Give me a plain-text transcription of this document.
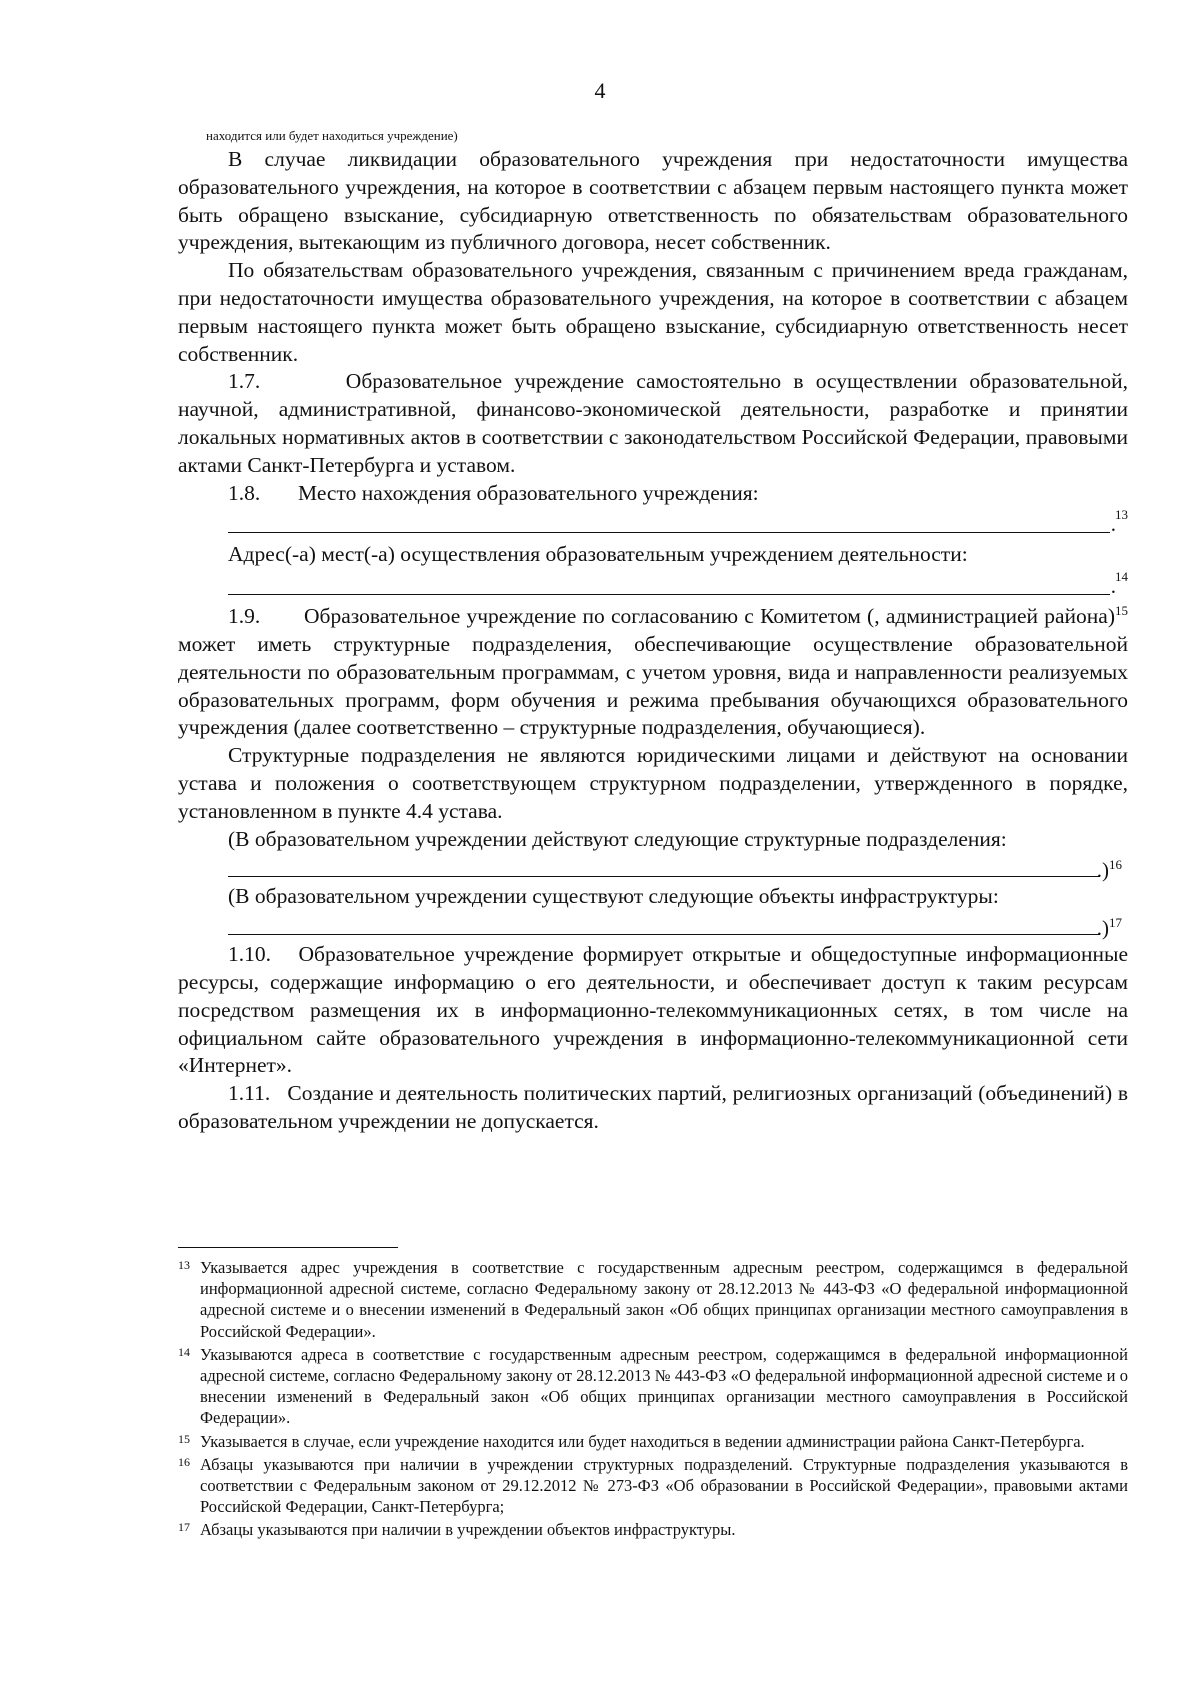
4
находится или будет находиться учреждение)

В случае ликвидации образовательного учреждения при недостаточности имущества образовательного учреждения, на которое в соответствии с абзацем первым настоящего пункта может быть обращено взыскание, субсидиарную ответственность по обязательствам образовательного учреждения, вытекающим из публичного договора, несет собственник.

По обязательствам образовательного учреждения, связанным с причинением вреда гражданам, при недостаточности имущества образовательного учреждения, на которое в соответствии с абзацем первым настоящего пункта может быть обращено взыскание, субсидиарную ответственность несет собственник.

1.7.	Образовательное учреждение самостоятельно в осуществлении образовательной, научной, административной, финансово-экономической деятельности, разработке и принятии локальных нормативных актов в соответствии с законодательством Российской Федерации, правовыми актами Санкт-Петербурга и уставом.

1.8.	Место нахождения образовательного учреждения:
. 13

Адрес(-а) мест(-а) осуществления образовательным учреждением деятельности:

. 14

1.9. Образовательное учреждение по согласованию с Комитетом (, администрацией района)$^{15}$ может иметь структурные подразделения, обеспечивающие осуществление образовательной деятельности по образовательным программам, с учетом уровня, вида и направленности реализуемых образовательных программ, форм обучения и режима пребывания обучающихся образовательного учреждения (далее соответственно – структурные подразделения, обучающиеся).

Структурные подразделения не являются юридическими лицами и действуют на основании устава и положения о соответствующем структурном подразделении, утвержденного в порядке, установленном в пункте 4.4 устава.

(В образовательном учреждении действуют следующие структурные подразделения:

.)$^{16}$

(В образовательном учреждении существуют следующие объекты инфраструктуры:

.)$^{17}$

1.10. Образовательное учреждение формирует открытые и общедоступные информационные ресурсы, содержащие информацию о его деятельности, и обеспечивает доступ к таким ресурсам посредством размещения их в информационно-телекоммуникационных сетях, в том числе на официальном сайте образовательного учреждения в информационно-телекоммуникационной сети «Интернет».

1.11. Создание и деятельность политических партий, религиозных организаций (объединений) в образовательном учреждении не допускается.

13 Указывается адрес учреждения в соответствие с государственным адресным реестром, содержащимся в федеральной информационной адресной системе, согласно Федеральному закону от 28.12.2013 № 443-ФЗ «О федеральной информационной адресной системе и о внесении изменений в Федеральный закон «Об общих принципах организации местного самоуправления в Российской Федерации».
14 Указываются адреса в соответствие с государственным адресным реестром, содержащимся в федеральной информационной адресной системе, согласно Федеральному закону от 28.12.2013 № 443-ФЗ «О федеральной информационной адресной системе и о внесении изменений в Федеральный закон «Об общих принципах организации местного самоуправления в Российской Федерации».
15 Указывается в случае, если учреждение находится или будет находиться в ведении администрации района Санкт-Петербурга.
16 Абзацы указываются при наличии в учреждении структурных подразделений. Структурные подразделения указываются в соответствии с Федеральным законом от 29.12.2012 № 273-ФЗ «Об образовании в Российской Федерации», правовыми актами Российской Федерации, Санкт-Петербурга;
17 Абзацы указываются при наличии в учреждении объектов инфраструктуры.
